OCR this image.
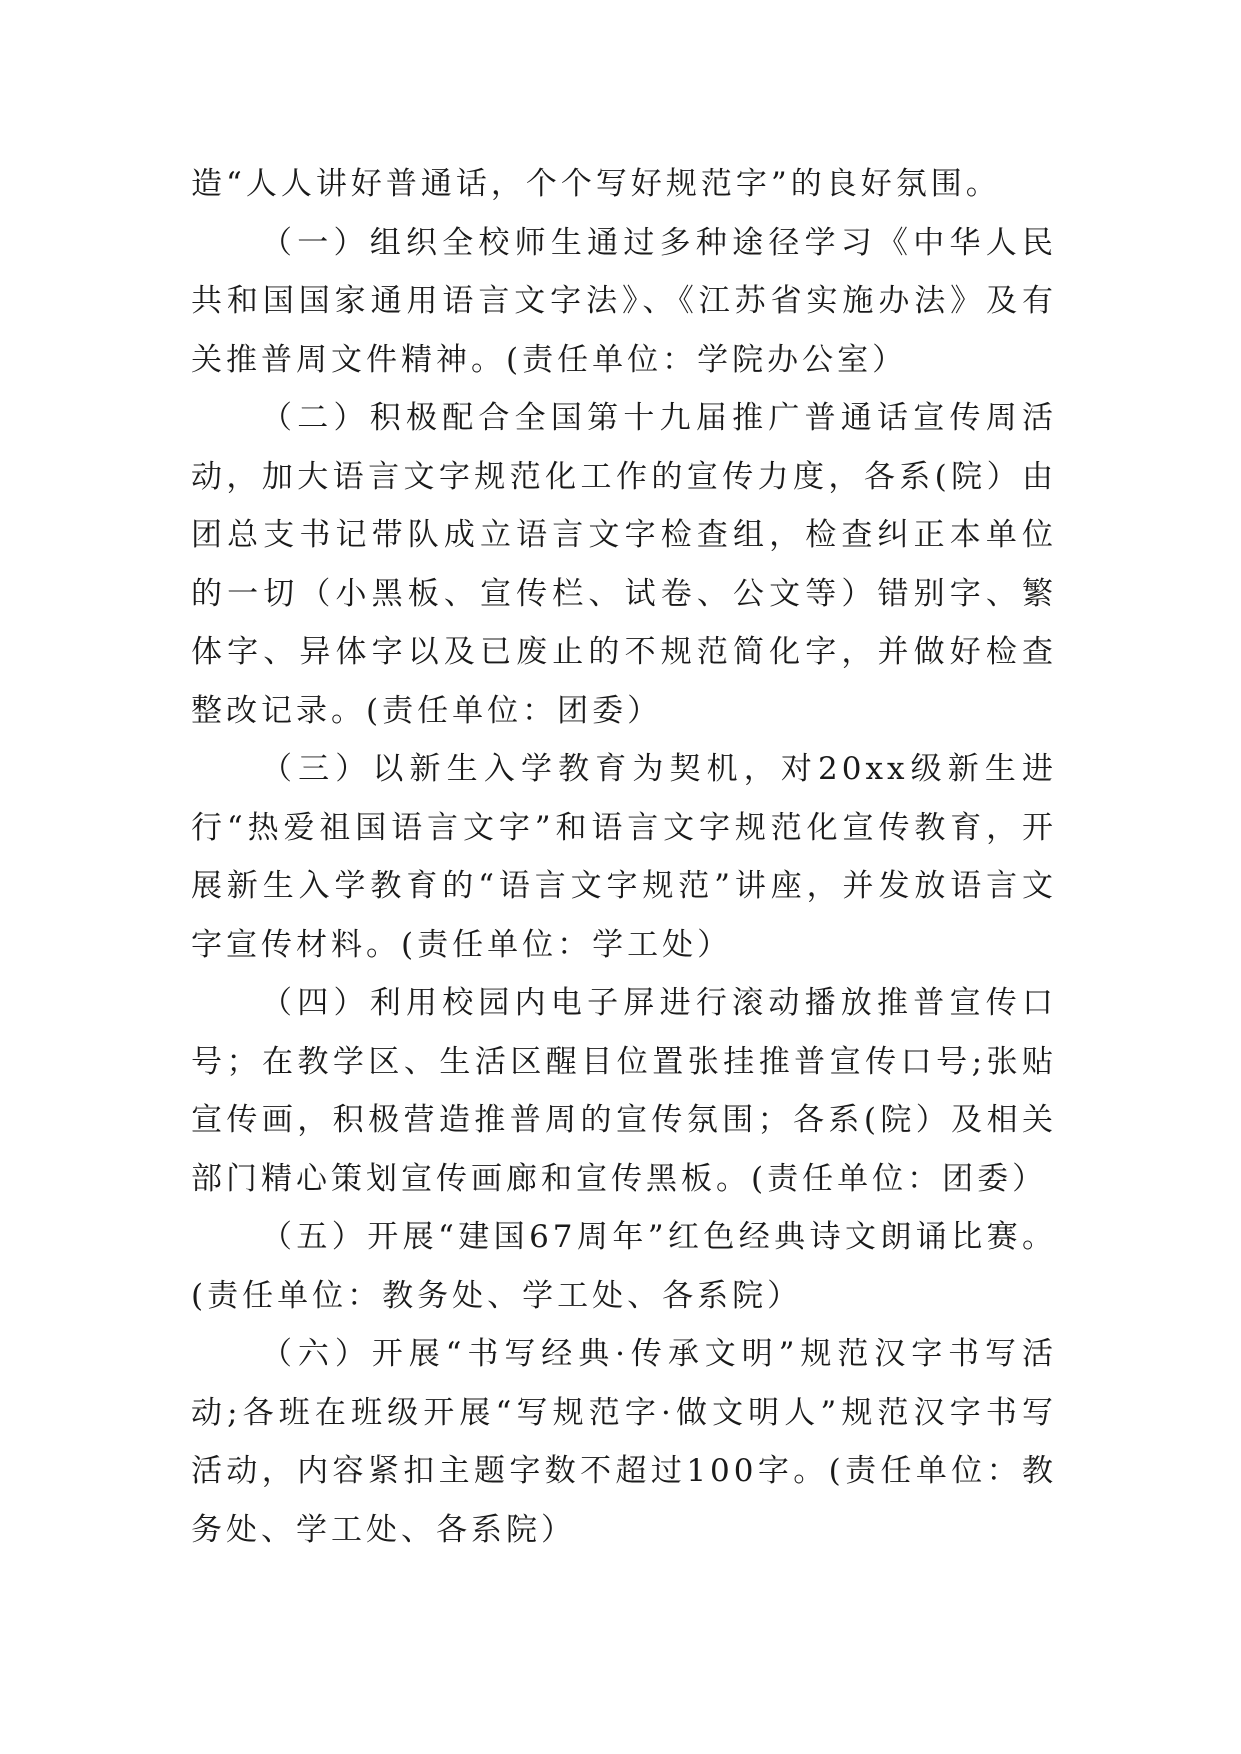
造“人人讲好普通话，个个写好规范字”的良好氛围。

（一）组织全校师生通过多种途径学习《中华人民共和国国家通用语言文字法》、《江苏省实施办法》及有关推普周文件精神。(责任单位：学院办公室）

（二）积极配合全国第十九届推广普通话宣传周活动，加大语言文字规范化工作的宣传力度，各系(院）由团总支书记带队成立语言文字检查组，检查纠正本单位的一切（小黑板、宣传栏、试卷、公文等）错别字、繁体字、异体字以及已废止的不规范简化字，并做好检查整改记录。(责任单位：团委）

（三）以新生入学教育为契机，对20xx级新生进行“热爱祖国语言文字”和语言文字规范化宣传教育，开展新生入学教育的“语言文字规范”讲座，并发放语言文字宣传材料。(责任单位：学工处）

（四）利用校园内电子屏进行滚动播放推普宣传口号；在教学区、生活区醒目位置张挂推普宣传口号;张贴宣传画，积极营造推普周的宣传氛围；各系(院）及相关部门精心策划宣传画廊和宣传黑板。(责任单位：团委）

（五）开展“建国67周年”红色经典诗文朗诵比赛。(责任单位：教务处、学工处、各系院）

（六）开展“书写经典·传承文明”规范汉字书写活动;各班在班级开展“写规范字·做文明人”规范汉字书写活动，内容紧扣主题字数不超过100字。(责任单位：教务处、学工处、各系院）
